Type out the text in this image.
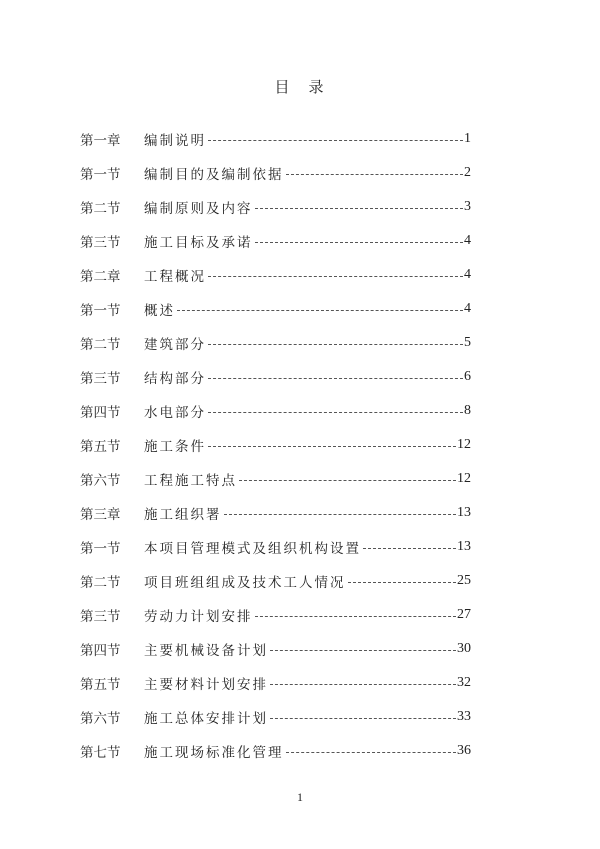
目　录
第一章	编制说明	1
第一节	编制目的及编制依据	2
第二节	编制原则及内容	3
第三节	施工目标及承诺	4
第二章	工程概况	4
第一节	概述	4
第二节	建筑部分	5
第三节	结构部分	6
第四节	水电部分	8
第五节	施工条件	12
第六节	工程施工特点	12
第三章	施工组织署	13
第一节	本项目管理模式及组织机构设置	13
第二节	项目班组组成及技术工人情况	25
第三节	劳动力计划安排	27
第四节	主要机械设备计划	30
第五节	主要材料计划安排	32
第六节	施工总体安排计划	33
第七节	施工现场标准化管理	36
1
